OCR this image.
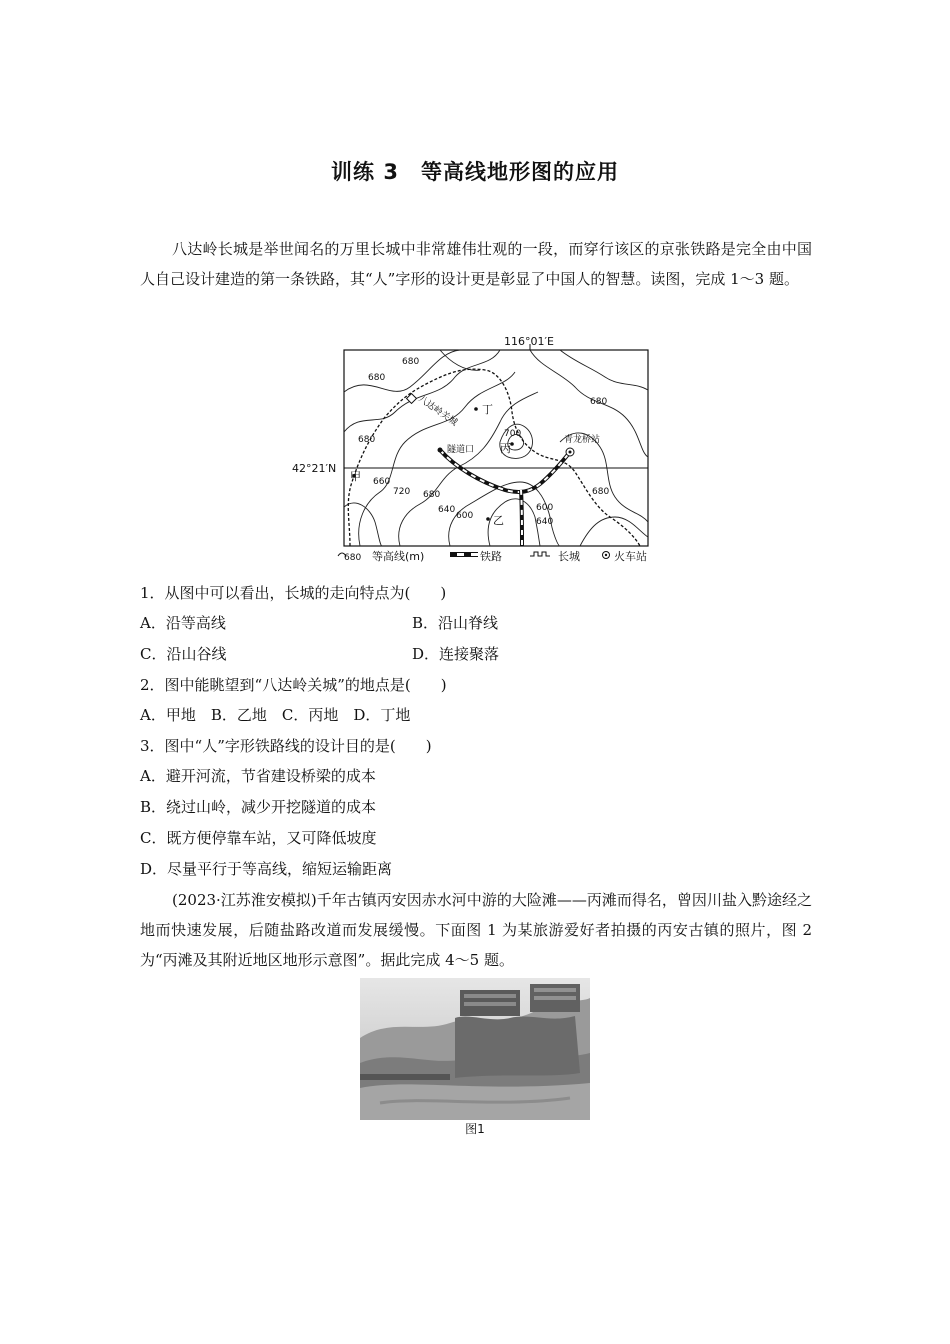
训练 3　等高线地形图的应用
八达岭长城是举世闻名的万里长城中非常雄伟壮观的一段，而穿行该区的京张铁路是完全由中国人自己设计建造的第一条铁路，其“人”字形的设计更是彰显了中国人的智慧。读图，完成 1～3 题。
116°01′E
42°21′N
680
680
680
680
660
720 680
640
600
600
640
680
700
八达岭关城 丁
丙
隧道口
青龙桥站
甲
乙
680 等高线(m)	铁路	长城	火车站
1．从图中可以看出，长城的走向特点为(　　)
A．沿等高线	B．沿山脊线
C．沿山谷线	D．连接聚落
2．图中能眺望到“八达岭关城”的地点是(　　)
A．甲地　B．乙地　C．丙地　D．丁地
3．图中“人”字形铁路线的设计目的是(　　)
A．避开河流，节省建设桥梁的成本
B．绕过山岭，减少开挖隧道的成本
C．既方便停靠车站，又可降低坡度
D．尽量平行于等高线，缩短运输距离
(2023·江苏淮安模拟)千年古镇丙安因赤水河中游的大险滩——丙滩而得名，曾因川盐入黔途经之地而快速发展，后随盐路改道而发展缓慢。下面图 1 为某旅游爱好者拍摄的丙安古镇的照片，图 2 为“丙滩及其附近地区地形示意图”。据此完成 4～5 题。
图1
